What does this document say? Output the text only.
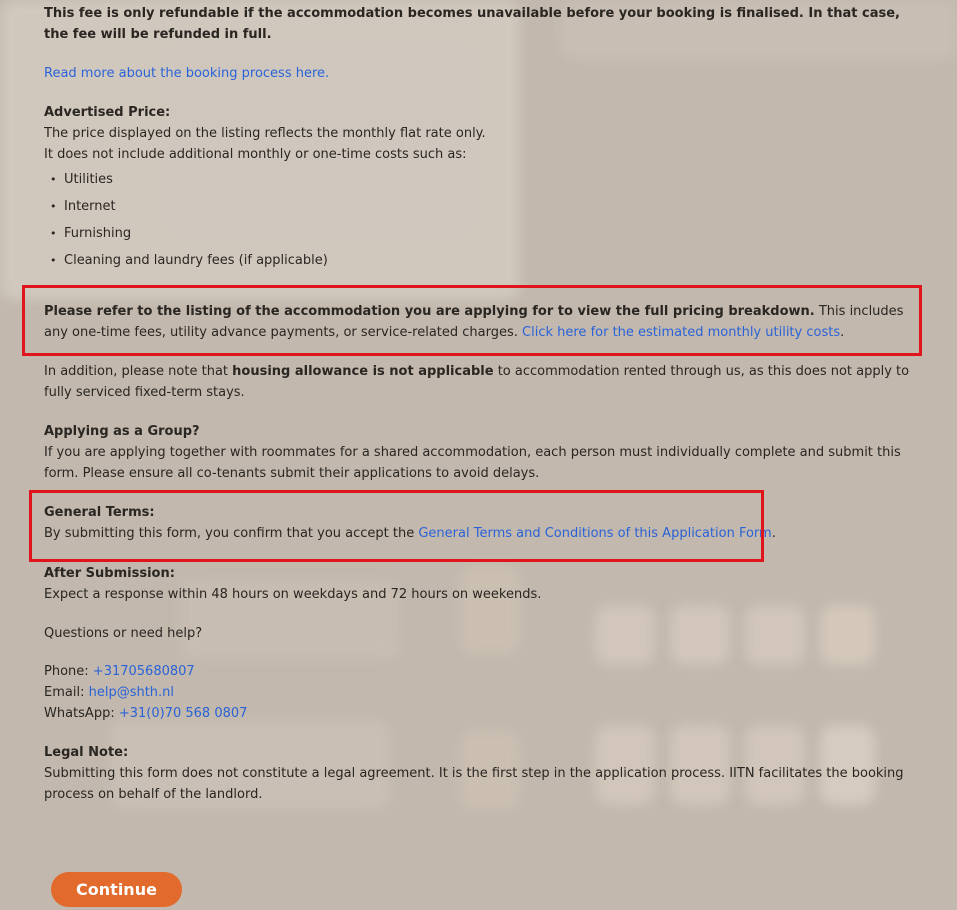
This fee is only refundable if the accommodation becomes unavailable before your booking is finalised. In that case, the fee will be refunded in full.

Read more about the booking process here.

Advertised Price:

The price displayed on the listing reflects the monthly flat rate only.

It does not include additional monthly or one-time costs such as:

• Utilities
• Internet
• Furnishing
• Cleaning and laundry fees (if applicable)

Please refer to the listing of the accommodation you are applying for to view the full pricing breakdown. This includes any one-time fees, utility advance payments, or service-related charges. Click here for the estimated monthly utility costs.

In addition, please note that housing allowance is not applicable to accommodation rented through us, as this does not apply to fully serviced fixed-term stays.

Applying as a Group?

If you are applying together with roommates for a shared accommodation, each person must individually complete and submit this form. Please ensure all co-tenants submit their applications to avoid delays.

General Terms:

By submitting this form, you confirm that you accept the General Terms and Conditions of this Application Form.

After Submission:

Expect a response within 48 hours on weekdays and 72 hours on weekends.

Questions or need help?

Phone: +31705680807

Email: help@shth.nl

WhatsApp: +31(0)70 568 0807

Legal Note:

Submitting this form does not constitute a legal agreement. It is the first step in the application process. IITN facilitates the booking process on behalf of the landlord.

Continue
